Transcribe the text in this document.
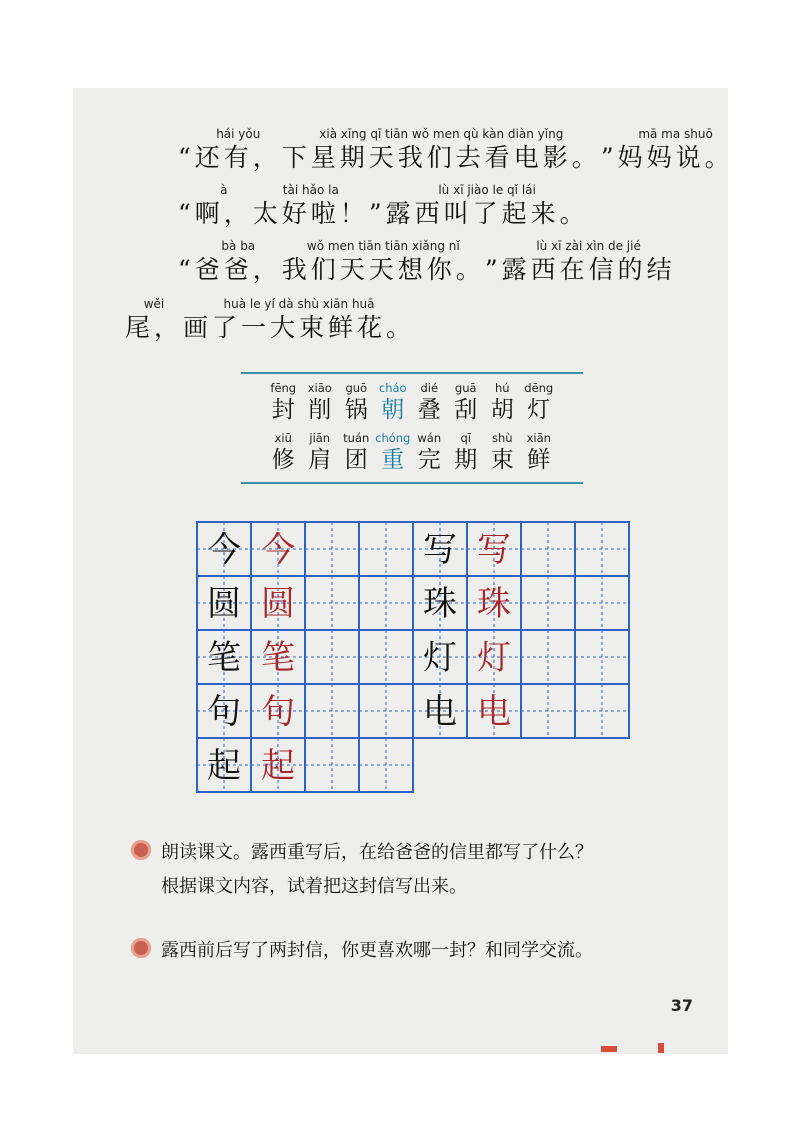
“
hái yǒu
还有，
xià xīng qī tiān wǒ men qù kàn diàn yǐng
下星期天我们去看电影。 ”
mā ma shuō
妈妈说。
“
à
啊，
tài hǎo la
太好啦！ ”
lù xī jiào le qǐ lái
露西叫了起来。
“
bà ba
爸爸，
wǒ men tiān tiān xiǎng nǐ
我们天天想你。 ”
lù xī zài xìn de jié
露西在信的结
wěi
尾，
huà le yí dà shù xiān huā
画了一大束鲜花。
fēng
封
xiāo
削
guō
锅
cháo
朝
dié
叠
guā
刮
hú
胡
dēng
灯
xiū
修
jiān
肩
tuán
团
chóng
重
wán
完
qī
期
shù
束
xiān
鲜
今 今
圆 圆
笔 笔
句 句
起 起
写 写
珠 珠
灯 灯
电 电
朗读课文。露西重写后，在给爸爸的信里都写了什么？
根据课文内容，试着把这封信写出来。
露西前后写了两封信，你更喜欢哪一封？和同学交流。
37
